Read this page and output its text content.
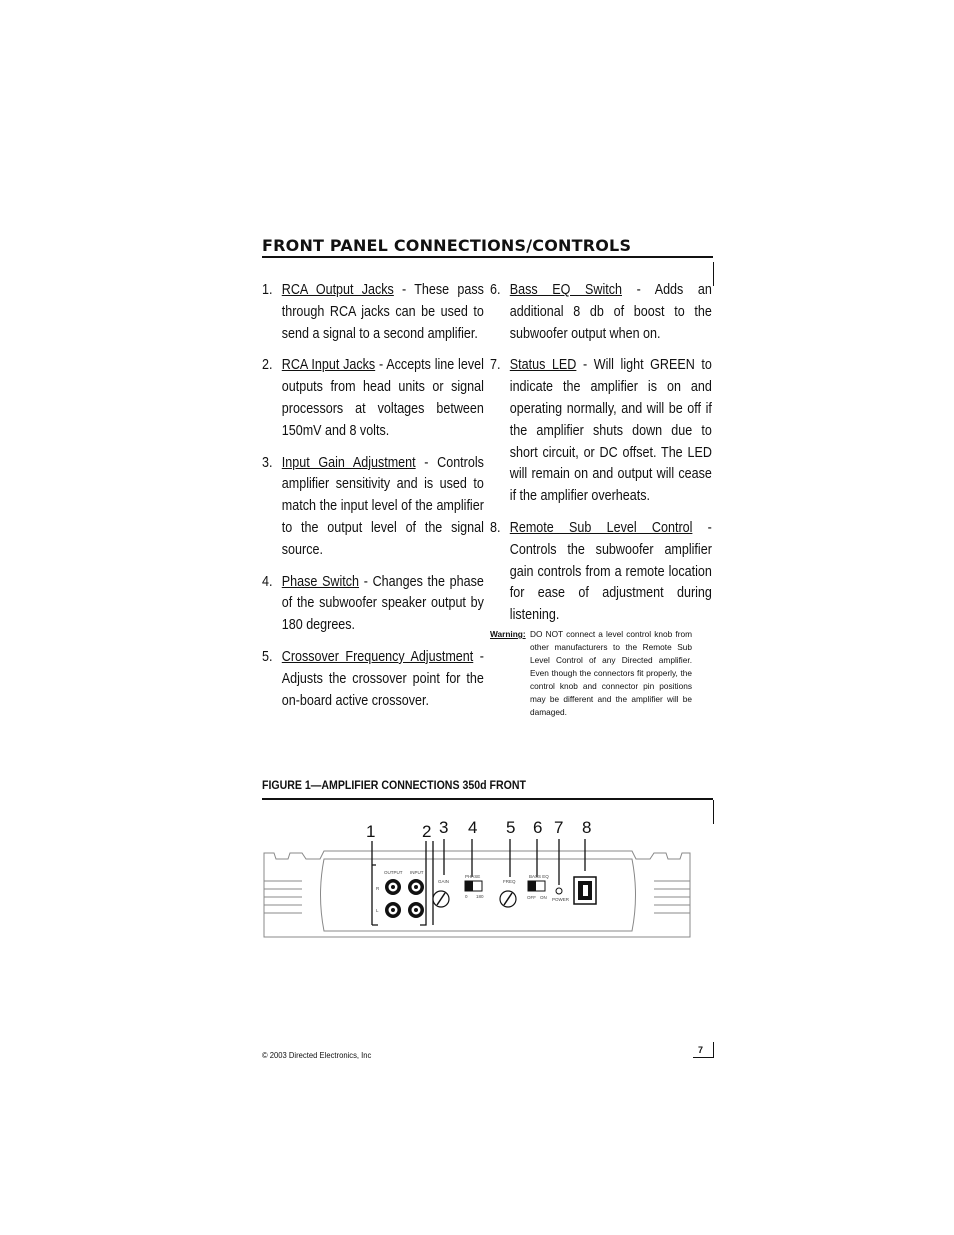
FRONT PANEL CONNECTIONS/CONTROLS
1. RCA Output Jacks - These pass through RCA jacks can be used to send a signal to a second amplifier.
2. RCA Input Jacks - Accepts line level outputs from head units or signal processors at voltages between 150mV and 8 volts.
3. Input Gain Adjustment - Controls amplifier sensitivity and is used to match the input level of the amplifier to the output level of the signal source.
4. Phase Switch - Changes the phase of the subwoofer speaker output by 180 degrees.
5. Crossover Frequency Adjustment - Adjusts the crossover point for the on-board active crossover.
6. Bass EQ Switch - Adds an additional 8 db of boost to the subwoofer output when on.
7. Status LED - Will light GREEN to indicate the amplifier is on and operating normally, and will be off if the amplifier shuts down due to short circuit, or DC offset. The LED will remain on and output will cease if the amplifier overheats.
8. Remote Sub Level Control - Controls the subwoofer amplifier gain controls from a remote location for ease of adjustment during listening.
Warning: DO NOT connect a level control knob from other manufacturers to the Remote Sub Level Control of any Directed amplifier. Even though the connectors fit properly, the control knob and connector pin positions may be different and the amplifier will be damaged.
FIGURE 1—AMPLIFIER CONNECTIONS 350d FRONT
1	2 3 4 5 6 7 8
OUTPUT INPUT
GAIN
PHASE
FREQ
BASS EQ
POWER
R
L
0 180	OFF ON
© 2003 Directed Electronics, Inc	7
